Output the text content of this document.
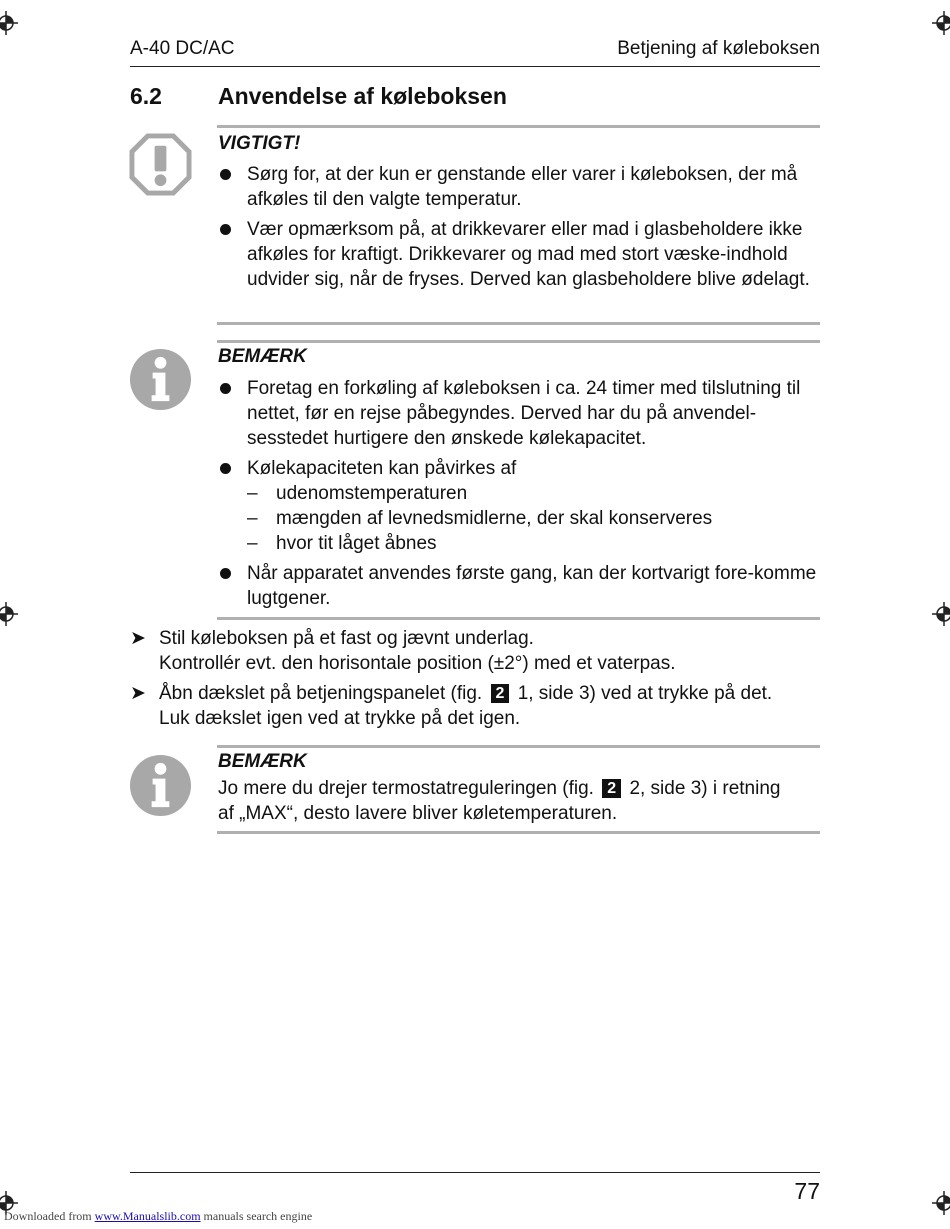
A-40 DC/AC	Betjening af køleboksen
6.2 Anvendelse af køleboksen
VIGTIGT!
Sørg for, at der kun er genstande eller varer i køleboksen, der må afkøles til den valgte temperatur.
Vær opmærksom på, at drikkevarer eller mad i glasbeholdere ikke afkøles for kraftigt. Drikkevarer og mad med stort væske-indhold udvider sig, når de fryses. Derved kan glasbeholdere blive ødelagt.
BEMÆRK
Foretag en forkøling af køleboksen i ca. 24 timer med tilslutning til nettet, før en rejse påbegyndes. Derved har du på anvendel-sesstedet hurtigere den ønskede kølekapacitet.
Kølekapaciteten kan påvirkes af
– udenomstemperaturen
– mængden af levnedsmidlerne, der skal konserveres
– hvor tit låget åbnes
Når apparatet anvendes første gang, kan der kortvarigt fore-komme lugtgener.
➤ Stil køleboksen på et fast og jævnt underlag.
Kontrollér evt. den horisontale position (±2°) med et vaterpas.
➤ Åbn dækslet på betjeningspanelet (fig. 2 1, side 3) ved at trykke på det.
Luk dækslet igen ved at trykke på det igen.
BEMÆRK
Jo mere du drejer termostatreguleringen (fig. 2 2, side 3) i retning
af „MAX“, desto lavere bliver køletemperaturen.
77
Downloaded from www.Manualslib.com manuals search engine
